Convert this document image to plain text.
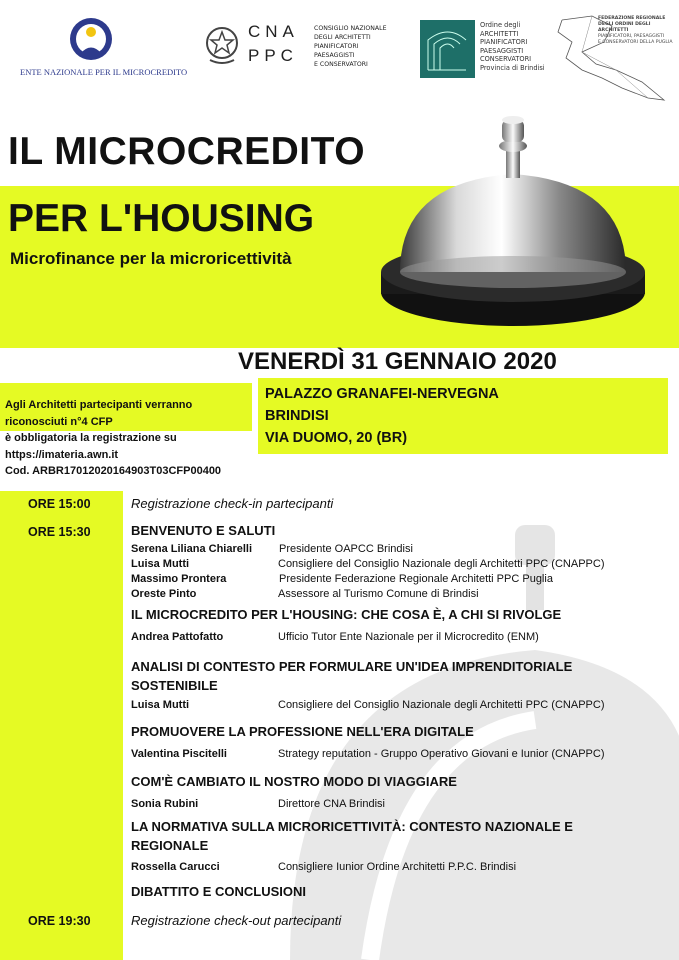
ENTE NAZIONALE PER IL MICROCREDITO
CNA
PPC
CONSIGLIO NAZIONALE
DEGLI ARCHITETTI
PIANIFICATORI
PAESAGGISTI
E CONSERVATORI
Ordine degli
ARCHITETTI
PIANIFICATORI
PAESAGGISTI
CONSERVATORI
Provincia di Brindisi
FEDERAZIONE REGIONALE
DEGLI ORDINI DEGLI ARCHITETTI
PIANIFICATORI, PAESAGGISTI
E CONSERVATORI DELLA PUGLIA
IL MICROCREDITO
PER L'HOUSING
Microfinance per la microricettività
VENERDÌ 31 GENNAIO 2020
Agli Architetti partecipanti verranno
riconosciuti n°4 CFP
è obbligatoria la registrazione su
https://imateria.awn.it
Cod. ARBR17012020164903T03CFP00400
PALAZZO GRANAFEI-NERVEGNA
BRINDISI
VIA DUOMO, 20 (BR)
ORE 15:00	Registrazione check-in partecipanti
ORE 15:30	BENVENUTO E SALUTI
Serena Liliana Chiarelli Presidente OAPCC Brindisi
Luisa Mutti	Consigliere del Consiglio Nazionale degli Architetti PPC (CNAPPC)
Massimo Prontera	Presidente Federazione Regionale Architetti PPC Puglia
Oreste Pinto	Assessore al Turismo Comune di Brindisi
IL MICROCREDITO PER L'HOUSING: CHE COSA È, A CHI SI RIVOLGE
Andrea Pattofatto	Ufficio Tutor Ente Nazionale per il Microcredito (ENM)
ANALISI DI CONTESTO PER FORMULARE UN'IDEA IMPRENDITORIALE
SOSTENIBILE
Luisa Mutti	Consigliere del Consiglio Nazionale degli Architetti PPC (CNAPPC)
PROMUOVERE LA PROFESSIONE NELL'ERA DIGITALE
Valentina Piscitelli	Strategy reputation - Gruppo Operativo Giovani e Iunior (CNAPPC)
COM'È CAMBIATO IL NOSTRO MODO DI VIAGGIARE
Sonia Rubini	Direttore CNA Brindisi
LA NORMATIVA SULLA MICRORICETTIVITÀ: CONTESTO NAZIONALE E
REGIONALE
Rossella Carucci	Consigliere Iunior Ordine Architetti P.P.C. Brindisi
DIBATTITO E CONCLUSIONI
ORE 19:30	Registrazione check-out partecipanti
